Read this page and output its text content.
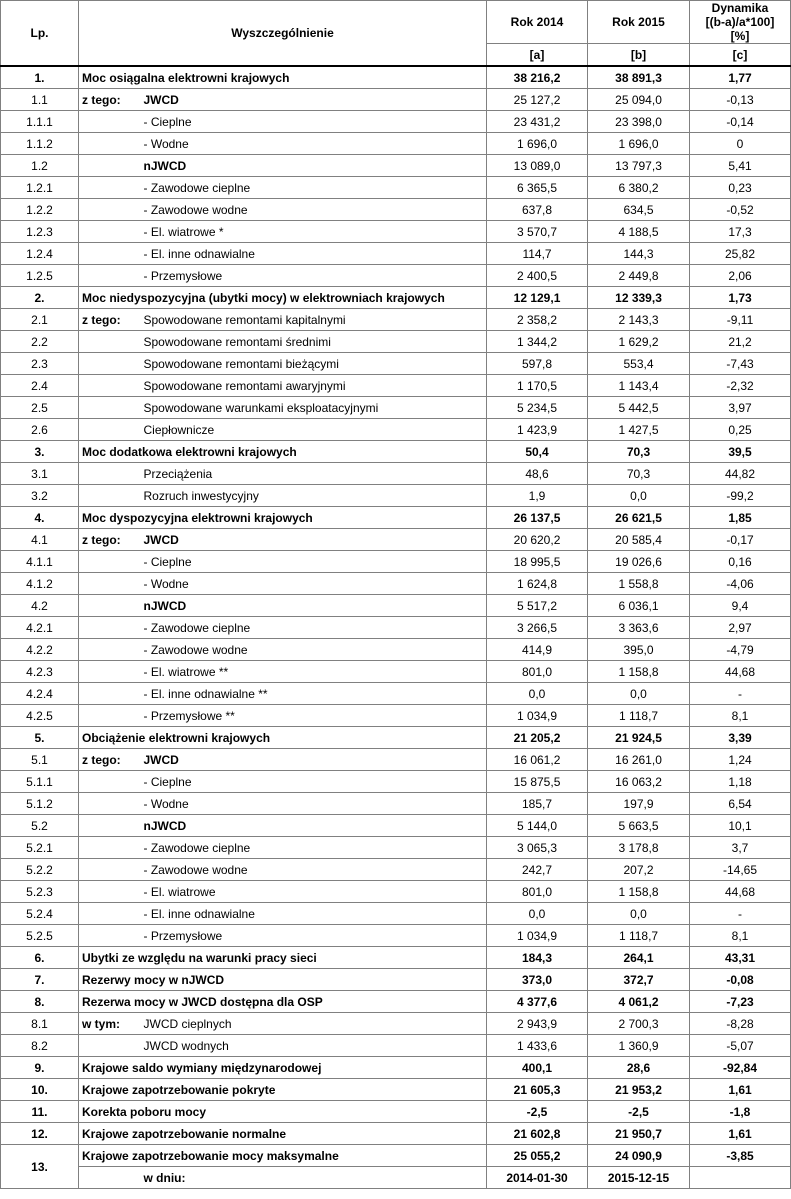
Lp.	Wyszczególnienie		Rok 2014	Rok 2015	Dynamika
[(b-a)/a*100]
[%]

			[a]	[b]	[c]
1.	Moc osiągalna elektrowni krajowych		38 216,2	38 891,3	1,77
1.1	z tego:	JWCD	25 127,2	25 094,0	-0,13
1.1.1		- Cieplne	23 431,2	23 398,0	-0,14
1.1.2		- Wodne	1 696,0	1 696,0	0
1.2		nJWCD	13 089,0	13 797,3	5,41
1.2.1		- Zawodowe cieplne	6 365,5	6 380,2	0,23
1.2.2		- Zawodowe wodne	637,8	634,5	-0,52
1.2.3		- El. wiatrowe *	3 570,7	4 188,5	17,3
1.2.4		- El. inne odnawialne	114,7	144,3	25,82
1.2.5		- Przemysłowe	2 400,5	2 449,8	2,06
2.	Moc niedyspozycyjna (ubytki mocy) w elektrowniach krajowych		12 129,1	12 339,3	1,73
2.1	z tego:	Spowodowane remontami kapitalnymi	2 358,2	2 143,3	-9,11
2.2		Spowodowane remontami średnimi	1 344,2	1 629,2	21,2
2.3		Spowodowane remontami bieżącymi	597,8	553,4	-7,43
2.4		Spowodowane remontami awaryjnymi	1 170,5	1 143,4	-2,32
2.5		Spowodowane warunkami eksploatacyjnymi	5 234,5	5 442,5	3,97
2.6		Ciepłownicze	1 423,9	1 427,5	0,25
3.	Moc dodatkowa elektrowni krajowych		50,4	70,3	39,5
3.1		Przeciążenia	48,6	70,3	44,82
3.2		Rozruch inwestycyjny	1,9	0,0	-99,2
4.	Moc dyspozycyjna elektrowni krajowych		26 137,5	26 621,5	1,85
4.1	z tego:	JWCD	20 620,2	20 585,4	-0,17
4.1.1		- Cieplne	18 995,5	19 026,6	0,16
4.1.2		- Wodne	1 624,8	1 558,8	-4,06
4.2		nJWCD	5 517,2	6 036,1	9,4
4.2.1		- Zawodowe cieplne	3 266,5	3 363,6	2,97
4.2.2		- Zawodowe wodne	414,9	395,0	-4,79
4.2.3		- El. wiatrowe **	801,0	1 158,8	44,68
4.2.4		- El. inne odnawialne **	0,0	0,0	-
4.2.5		- Przemysłowe **	1 034,9	1 118,7	8,1
5.	Obciążenie elektrowni krajowych		21 205,2	21 924,5	3,39
5.1	z tego:	JWCD	16 061,2	16 261,0	1,24
5.1.1		- Cieplne	15 875,5	16 063,2	1,18
5.1.2		- Wodne	185,7	197,9	6,54
5.2		nJWCD	5 144,0	5 663,5	10,1
5.2.1		- Zawodowe cieplne	3 065,3	3 178,8	3,7
5.2.2		- Zawodowe wodne	242,7	207,2	-14,65
5.2.3		- El. wiatrowe	801,0	1 158,8	44,68
5.2.4		- El. inne odnawialne	0,0	0,0	-
5.2.5		- Przemysłowe	1 034,9	1 118,7	8,1
6.	Ubytki ze względu na warunki pracy sieci		184,3	264,1	43,31
7.	Rezerwy mocy w nJWCD		373,0	372,7	-0,08
8.	Rezerwa mocy w JWCD dostępna dla OSP		4 377,6	4 061,2	-7,23
8.1	w tym:	JWCD cieplnych	2 943,9	2 700,3	-8,28
8.2		JWCD wodnych	1 433,6	1 360,9	-5,07
9.	Krajowe saldo wymiany międzynarodowej		400,1	28,6	-92,84
10.	Krajowe zapotrzebowanie pokryte		21 605,3	21 953,2	1,61
11.	Korekta poboru mocy		-2,5	-2,5	-1,8
12.	Krajowe zapotrzebowanie normalne		21 602,8	21 950,7	1,61
13.	Krajowe zapotrzebowanie mocy maksymalne		25 055,2	24 090,9	-3,85
		w dniu:	2014-01-30	2015-12-15	
